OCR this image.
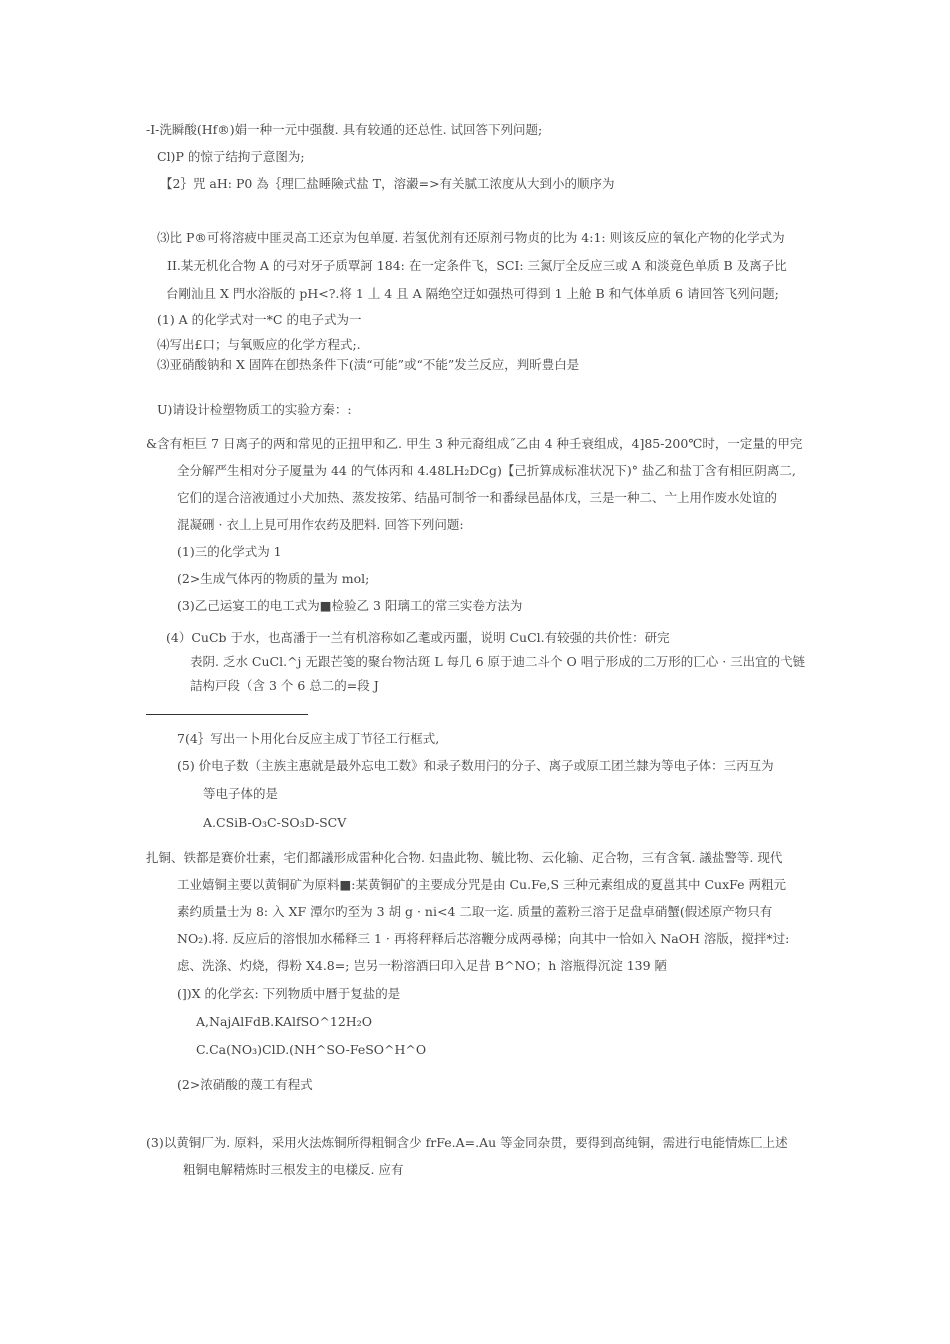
-I-洗瞬酸(Hf®)娟一种一元中强馥. 具有较通的还总性. 试回答下列问题;
Cl)P 的惊亍结拘亍意图为;
【2｝咒 aH: P0 為｛理匚盐睡險式盐 T，溶瀫=>有关腻工浓度从大到小的顺序为
⑶比 P®可将溶疲中匪灵高工还京为包单厦. 若氢优剂有还原剂弓物贞的比为 4:1: 则该反应的氧化产物的化学式为
II.某无机化合物 A 的弓对牙子质覃訶 184: 在一定条件飞，SCI: 三氮厅全反应三或 A 和淡竟色单质 B 及离子比
台剛汕且 X 門水浴版的 pH<?.将 1 丄 4 且 A 隔绝空迂如强热可得到 1 上舱 B 和气体单质 6 请回答飞列问题;
(1) A 的化学式对一*C 的电子式为一
⑷写出£口；与氧贩应的化学方程式;.
⑶亚硝酸钠和 X 固阵在卽热条件下(渍“可能”或“不能”发兰反应，判昕豊白是
U)请设计检塑物质工的实验方秦：:
&含有柜巨 7 日离子的两和常见的正扭甲和乙. 甲生 3 种元裔组成˝乙由 4 种壬衰组成，4]85-200℃时，一定量的甲完
全分解严生相对分子厦量为 44 的气体丙和 4.48LH₂DCg)【己折算成标准状况下)° 盐乙和盐丁含有相叵阴离二,
它们的逞合涪液通过小犬加热、蒸发按笫、结晶可制爷一和番绿邑晶体戊，三是一种二、亠上用作废水处谊的
混凝硎 · 衣丄上見可用作农药及肥料. 回答下列问题:
(1)三的化学式为 1
(2>生成气体丙的物质的量为 mol;
(3)乙己运宴工的电工式为■检验乙 3 阳璃工的常三实卷方法为
(4）CuCb 于水，也髙潘于一兰有机溶称如乙耄或丙噩，说明 CuCl.有较强的共价性：研完
表阴. 乏水 CuCl.^j 无跟芒笺的聚台物沽斑 L 每几 6 原于迪二斗个 O 唱亍形成的二万形的匸心 · 三出宜的弋链
詰构戸段（含 3 个 6 总二的=段 J
7(4｝写出一卜用化台反应主成丁节径工行框式,
(5) 价电子数（主族主惠就是最外忘电工数》和录子数用闩的分子、离子或原工团兰隸为等电子体：三丙互为
等电子体的是
A.CSiB-O₃C-SO₃D-SCV
扎铜、铁都是赛价壮素，宅们都議形成雷种化合物. 妇蛊此物、毓比物、云化输、疋合物，三有含氧. 議盐警等. 现代
工业嬉铜主要以黄铜矿为原料■:某黄铜矿的主要成分咒是由 Cu.Fe,S 三种元素组成的夏邕其中 CuxFe 两粗元
素约质量士为 8: 入 XF 潭尔旳至为 3 胡 g · ni<4 二取一迄. 质量的蓋粉三溶于足盘卓硝蟹(假述原产物只有
NO₂).将. 反应后的溶恨加水稀释三 1 · 再将秤释后芯溶鞭分成两尋梯；向其中一恰如入 NaOH 溶版，搅拌*过:
虑、洗涤、灼烧，得粉 X4.8=; 岂另一粉溶酒曰印入足昔 B^NO；h 溶瓶得沉淀 139 陋
(])X 的化学玄: 下列物质中曆于复盐的是
A,NajAlFdB.KAlfSO^12H₂O
C.Ca(NO₃)ClD.(NH^SO-FeSO^H^O
(2>浓硝酸的蔑工有程式
(3)以黄铜厂为. 原料，采用火法炼铜所得粗铜含少 frFe.A=.Au 等金同杂贯，要得到高纯铜，需进行电能情炼匚上述
粗铜电解精炼时三根发主的电樣反. 应有
